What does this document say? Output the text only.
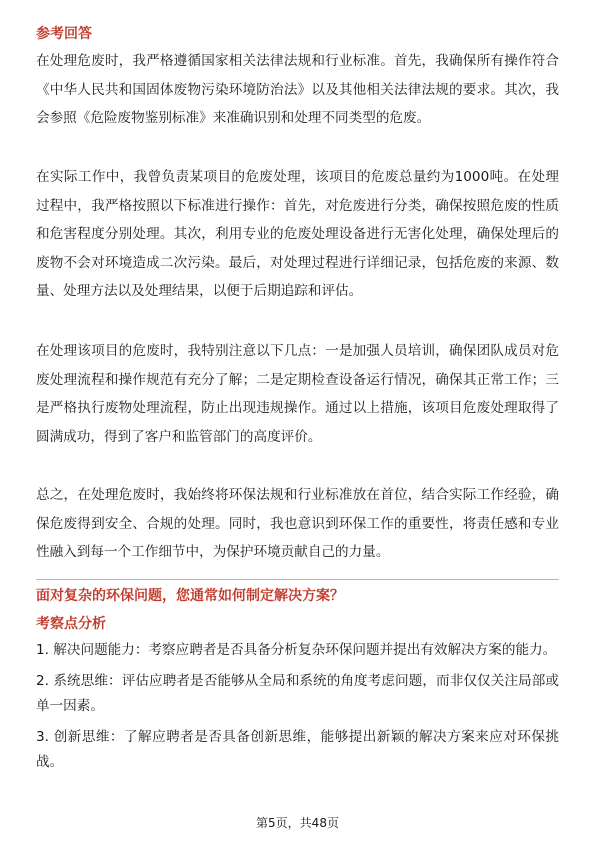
参考回答

在处理危废时，我严格遵循国家相关法律法规和行业标准。首先，我确保所有操作符合《中华人民共和国固体废物污染环境防治法》以及其他相关法律法规的要求。其次，我会参照《危险废物鉴别标准》来准确识别和处理不同类型的危废。

在实际工作中，我曾负责某项目的危废处理，该项目的危废总量约为1000吨。在处理过程中，我严格按照以下标准进行操作：首先，对危废进行分类，确保按照危废的性质和危害程度分别处理。其次，利用专业的危废处理设备进行无害化处理，确保处理后的废物不会对环境造成二次污染。最后，对处理过程进行详细记录，包括危废的来源、数量、处理方法以及处理结果，以便于后期追踪和评估。

在处理该项目的危废时，我特别注意以下几点：一是加强人员培训，确保团队成员对危废处理流程和操作规范有充分了解；二是定期检查设备运行情况，确保其正常工作；三是严格执行废物处理流程，防止出现违规操作。通过以上措施，该项目危废处理取得了圆满成功，得到了客户和监管部门的高度评价。

总之，在处理危废时，我始终将环保法规和行业标准放在首位，结合实际工作经验，确保危废得到安全、合规的处理。同时，我也意识到环保工作的重要性，将责任感和专业性融入到每一个工作细节中，为保护环境贡献自己的力量。

面对复杂的环保问题，您通常如何制定解决方案？
考察点分析
1. 解决问题能力：考察应聘者是否具备分析复杂环保问题并提出有效解决方案的能力。
2. 系统思维：评估应聘者是否能够从全局和系统的角度考虑问题，而非仅仅关注局部或单一因素。
3. 创新思维：了解应聘者是否具备创新思维，能够提出新颖的解决方案来应对环保挑战。
第5页，共48页
